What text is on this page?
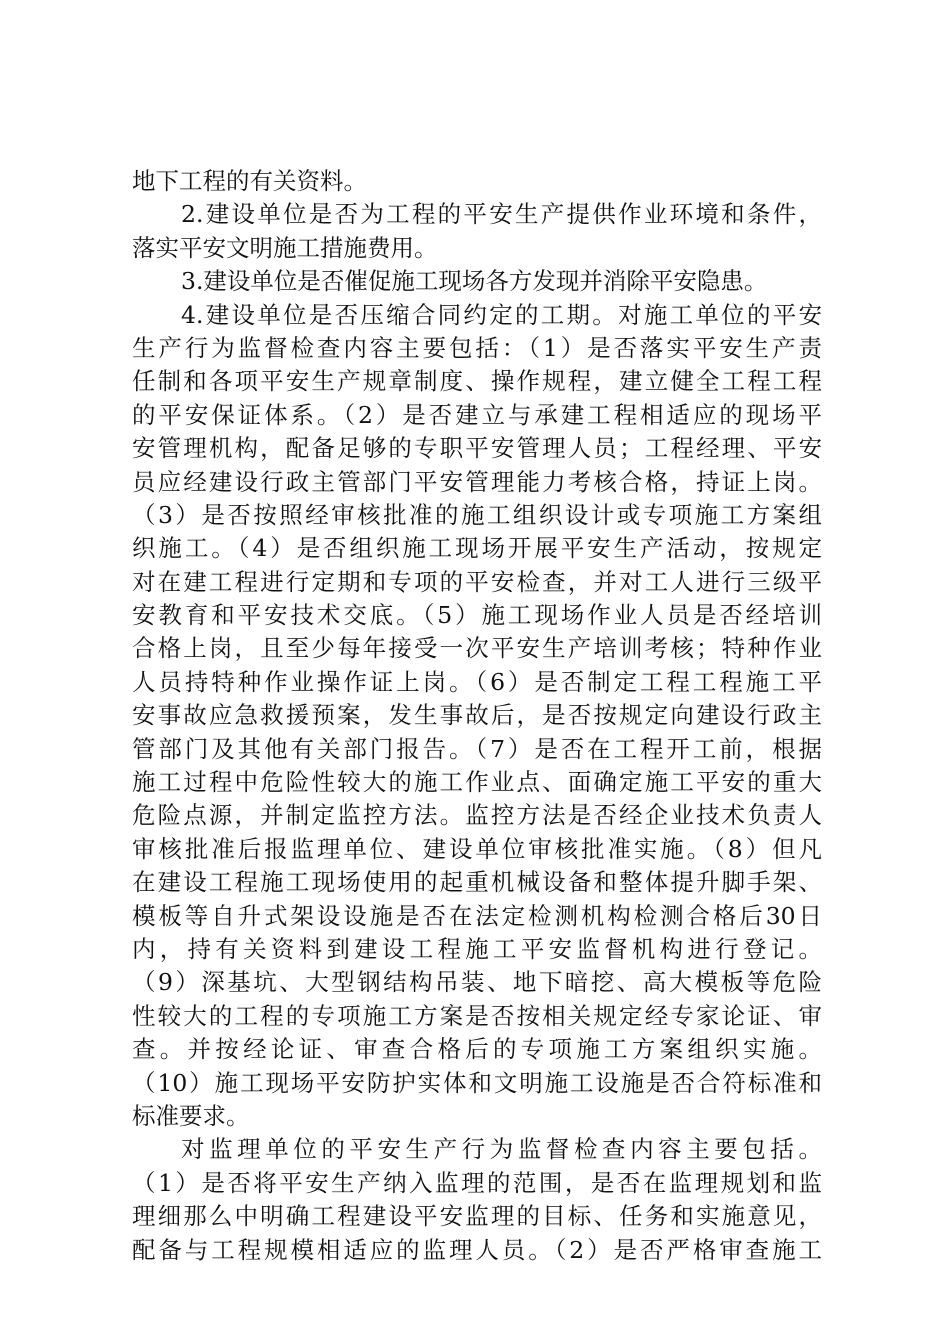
地下工程的有关资料。
2.建设单位是否为工程的平安生产提供作业环境和条件，
落实平安文明施工措施费用。
3.建设单位是否催促施工现场各方发现并消除平安隐患。
4.建设单位是否压缩合同约定的工期。对施工单位的平安
生产行为监督检查内容主要包括：（1）是否落实平安生产责
任制和各项平安生产规章制度、操作规程，建立健全工程工程
的平安保证体系。（2）是否建立与承建工程相适应的现场平
安管理机构，配备足够的专职平安管理人员；工程经理、平安
员应经建设行政主管部门平安管理能力考核合格，持证上岗。
（3）是否按照经审核批准的施工组织设计或专项施工方案组
织施工。（4）是否组织施工现场开展平安生产活动，按规定
对在建工程进行定期和专项的平安检查，并对工人进行三级平
安教育和平安技术交底。（5）施工现场作业人员是否经培训
合格上岗，且至少每年接受一次平安生产培训考核；特种作业
人员持特种作业操作证上岗。（6）是否制定工程工程施工平
安事故应急救援预案，发生事故后，是否按规定向建设行政主
管部门及其他有关部门报告。（7）是否在工程开工前，根据
施工过程中危险性较大的施工作业点、面确定施工平安的重大
危险点源，并制定监控方法。监控方法是否经企业技术负责人
审核批准后报监理单位、建设单位审核批准实施。（8）但凡
在建设工程施工现场使用的起重机械设备和整体提升脚手架、
模板等自升式架设设施是否在法定检测机构检测合格后30日
内，持有关资料到建设工程施工平安监督机构进行登记。
（9）深基坑、大型钢结构吊装、地下暗挖、高大模板等危险
性较大的工程的专项施工方案是否按相关规定经专家论证、审
查。并按经论证、审查合格后的专项施工方案组织实施。
（10）施工现场平安防护实体和文明施工设施是否合符标准和
标准要求。
对监理单位的平安生产行为监督检查内容主要包括。
（1）是否将平安生产纳入监理的范围，是否在监理规划和监
理细那么中明确工程建设平安监理的目标、任务和实施意见，
配备与工程规模相适应的监理人员。（2）是否严格审查施工
